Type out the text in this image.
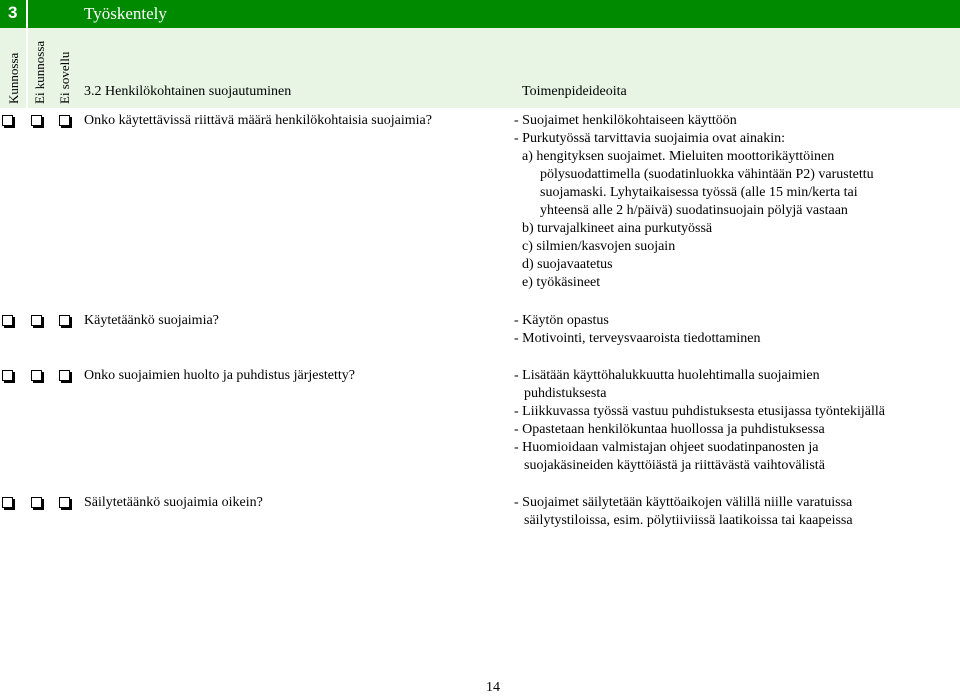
3	Työskentely
Kunnossa Ei kunnossa Ei sovellu 3.2 Henkilökohtainen suojautuminen	Toimenpideideoita
Onko käytettävissä riittävä määrä henkilökohtaisia suojaimia?	- Suojaimet henkilökohtaiseen käyttöön
- Purkutyössä tarvittavia suojaimia ovat ainakin:
a) hengityksen suojaimet. Mieluiten moottorikäyttöinen
pölysuodattimella (suodatinluokka vähintään P2) varustettu
suojamaski. Lyhytaikaisessa työssä (alle 15 min/kerta tai
yhteensä alle 2 h/päivä) suodatinsuojain pölyjä vastaan
b) turvajalkineet aina purkutyössä
c) silmien/kasvojen suojain
d) suojavaatetus
e) työkäsineet
Käytetäänkö suojaimia?	- Käytön opastus
- Motivointi, terveysvaaroista tiedottaminen
Onko suojaimien huolto ja puhdistus järjestetty?	- Lisätään käyttöhalukkuutta huolehtimalla suojaimien
puhdistuksesta
- Liikkuvassa työssä vastuu puhdistuksesta etusijassa työntekijällä
- Opastetaan henkilökuntaa huollossa ja puhdistuksessa
- Huomioidaan valmistajan ohjeet suodatinpanosten ja
suojakäsineiden käyttöiästä ja riittävästä vaihtovälistä
Säilytetäänkö suojaimia oikein?	- Suojaimet säilytetään käyttöaikojen välillä niille varatuissa
säilytystiloissa, esim. pölytiiviissä laatikoissa tai kaapeissa
14
